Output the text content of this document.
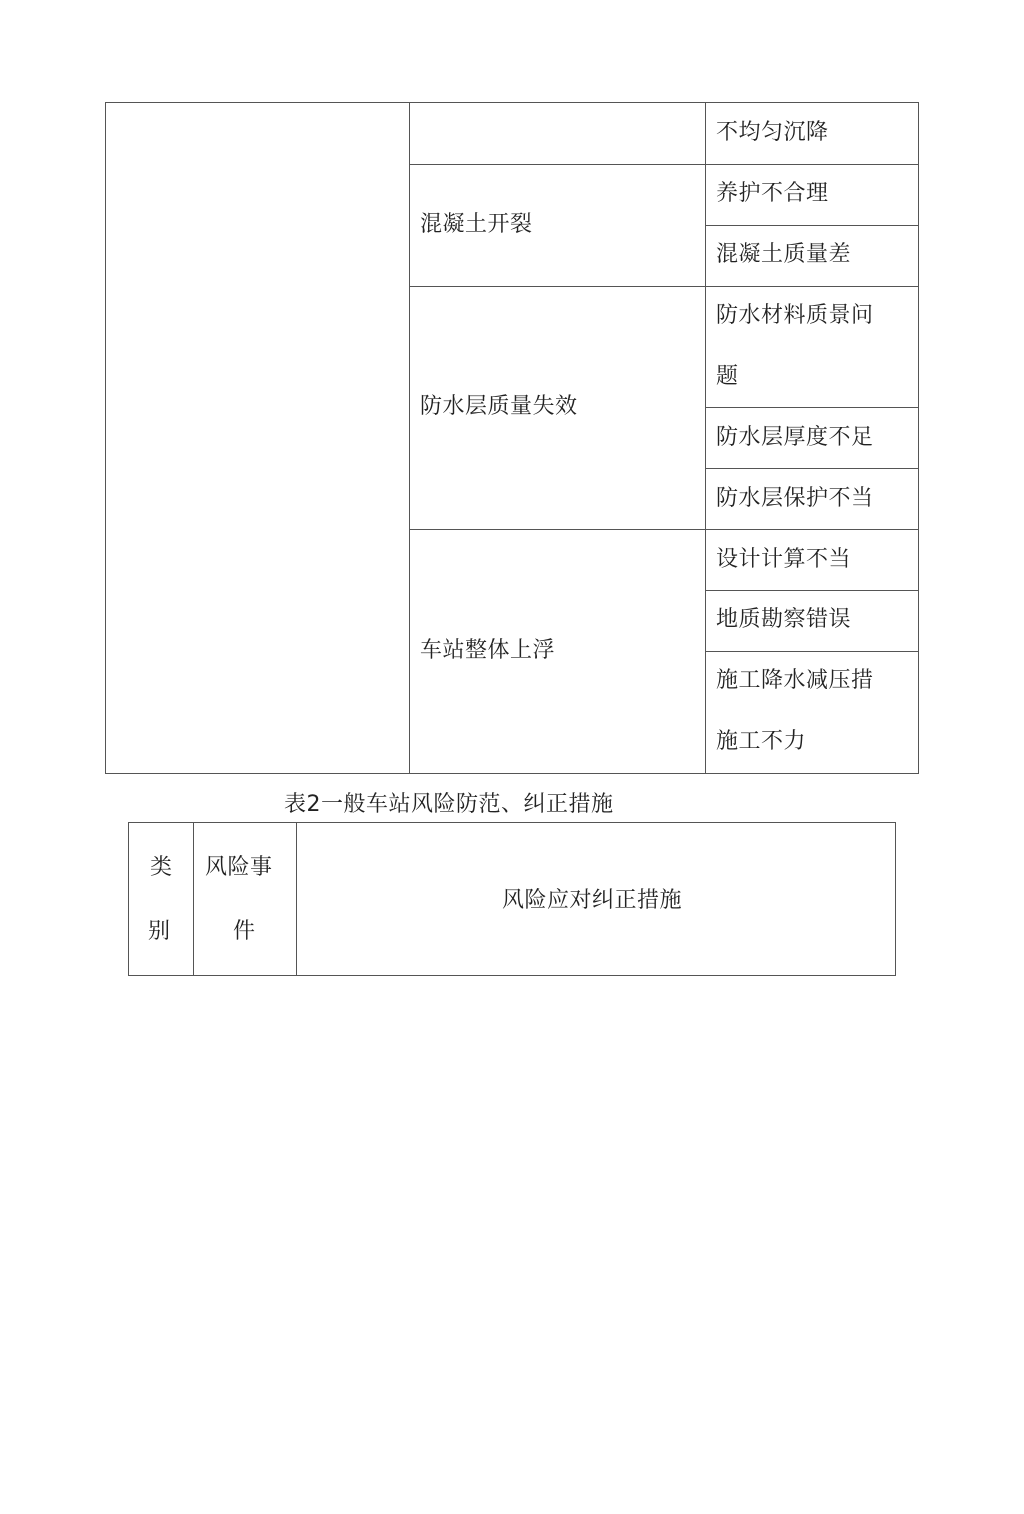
混凝土开裂
防水层质量失效
车站整体上浮
不均匀沉降
养护不合理
混凝土质量差
防水材料质景问
题
防水层厚度不足
防水层保护不当
设计计算不当
地质勘察错误
施工降水减压措
施工不力
表2一般车站风险防范、纠正措施
类
别
风险事
件
风险应对纠正措施
